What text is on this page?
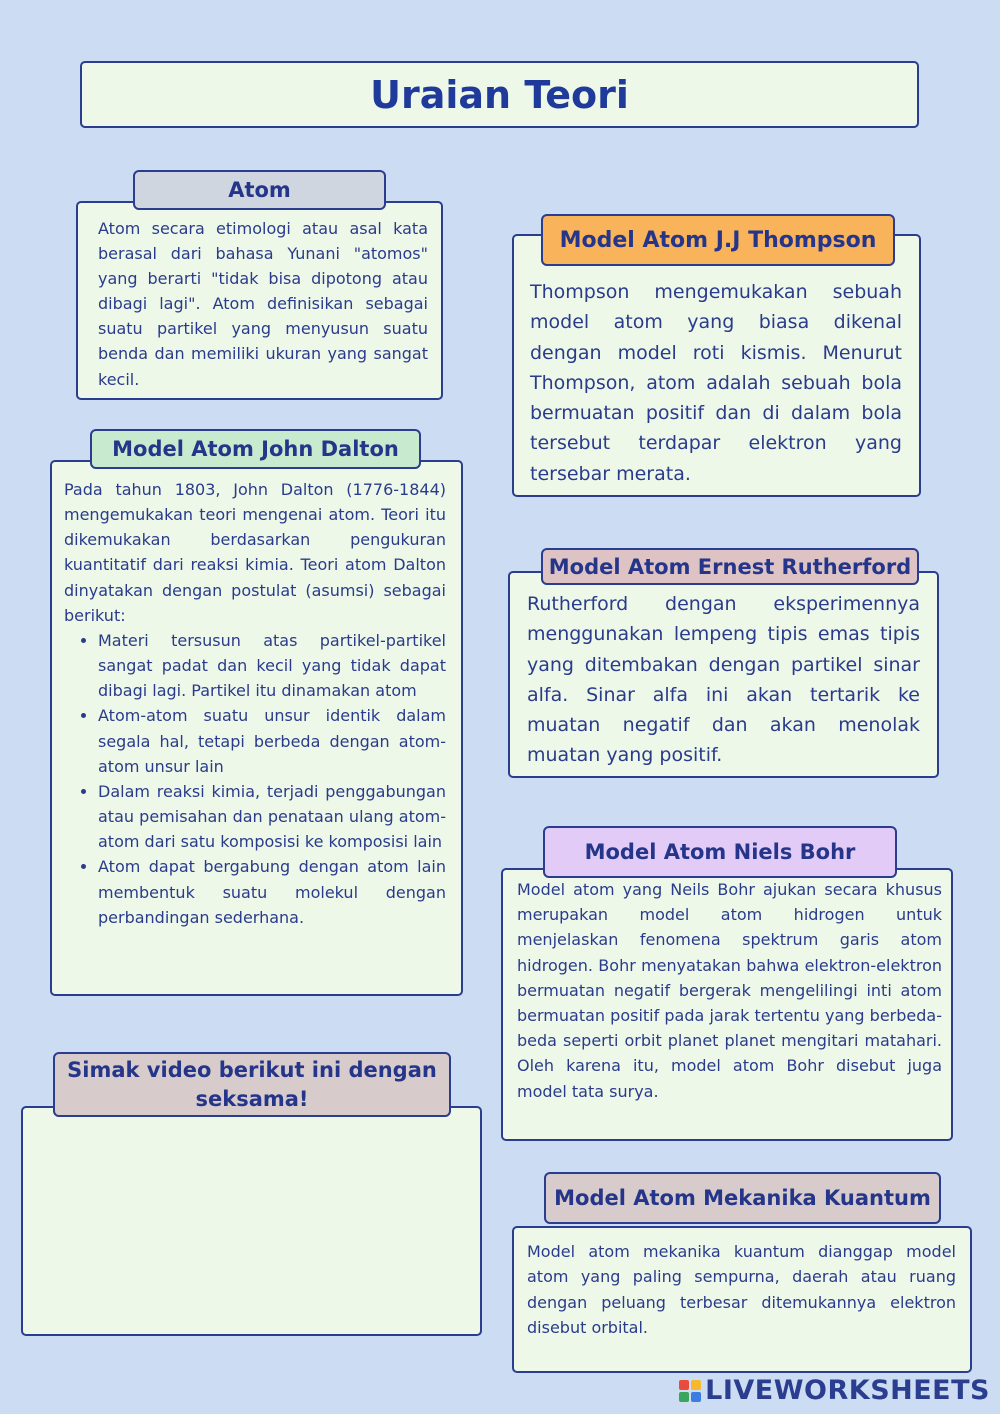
Uraian Teori
Atom
Atom secara etimologi atau asal kata berasal dari bahasa Yunani "atomos" yang berarti "tidak bisa dipotong atau dibagi lagi". Atom definisikan sebagai suatu partikel yang menyusun suatu benda dan memiliki ukuran yang sangat kecil.
Model Atom J.J Thompson
Thompson mengemukakan sebuah model atom yang biasa dikenal dengan model roti kismis. Menurut Thompson, atom adalah sebuah bola bermuatan positif dan di dalam bola tersebut terdapar elektron yang tersebar merata.
Model Atom John Dalton
Pada tahun 1803, John Dalton (1776-1844) mengemukakan teori mengenai atom. Teori itu dikemukakan berdasarkan pengukuran kuantitatif dari reaksi kimia. Teori atom Dalton dinyatakan dengan postulat (asumsi) sebagai berikut:
• Materi tersusun atas partikel-partikel sangat padat dan kecil yang tidak dapat dibagi lagi. Partikel itu dinamakan atom
• Atom-atom suatu unsur identik dalam segala hal, tetapi berbeda dengan atom-atom unsur lain
• Dalam reaksi kimia, terjadi penggabungan atau pemisahan dan penataan ulang atom-atom dari satu komposisi ke komposisi lain
• Atom dapat bergabung dengan atom lain membentuk suatu molekul dengan perbandingan sederhana.
Model Atom Ernest Rutherford
Rutherford dengan eksperimennya menggunakan lempeng tipis emas tipis yang ditembakan dengan partikel sinar alfa. Sinar alfa ini akan tertarik ke muatan negatif dan akan menolak muatan yang positif.
Model Atom Niels Bohr
Model atom yang Neils Bohr ajukan secara khusus merupakan model atom hidrogen untuk menjelaskan fenomena spektrum garis atom hidrogen. Bohr menyatakan bahwa elektron-elektron bermuatan negatif bergerak mengelilingi inti atom bermuatan positif pada jarak tertentu yang berbeda-beda seperti orbit planet planet mengitari matahari. Oleh karena itu, model atom Bohr disebut juga model tata surya.
Simak video berikut ini dengan seksama!
Model Atom Mekanika Kuantum
Model atom mekanika kuantum dianggap model atom yang paling sempurna, daerah atau ruang dengan peluang terbesar ditemukannya elektron disebut orbital.
LIVEWORKSHEETS
